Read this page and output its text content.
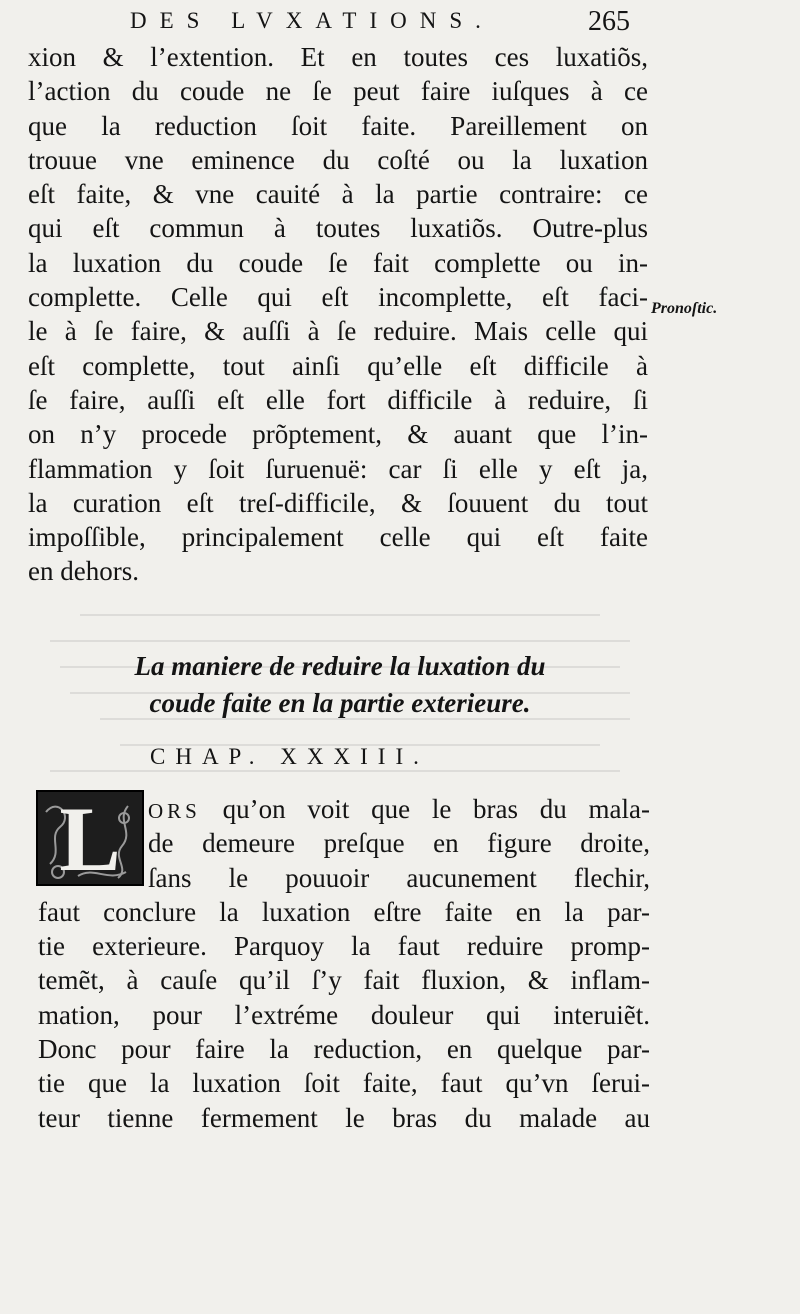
DES LVXATIONS.	265
xion & l’extention. Et en toutes ces luxatiõs,
l’action du coude ne ſe peut faire iuſques à ce
que la reduction ſoit faite. Pareillement on
trouue vne eminence du coſté ou la luxation
eſt faite, & vne cauité à la partie contraire: ce
qui eſt commun à toutes luxatiõs. Outre-plus
la luxation du coude ſe fait complette ou in-
complette. Celle qui eſt incomplette, eſt faci-
le à ſe faire, & auſſi à ſe reduire. Mais celle qui
eſt complette, tout ainſi qu’elle eſt difficile à
ſe faire, auſſi eſt elle fort difficile à reduire, ſi
on n’y procede prõptement, & auant que l’in-
flammation y ſoit ſuruenuë: car ſi elle y eſt ja,
la curation eſt treſ-difficile, & ſouuent du tout
impoſſible, principalement celle qui eſt faite
en dehors.
Pronoſtic.
La maniere de reduire la luxation du
coude faite en la partie exterieure.
CHAP. XXXIII.
L	ORS qu’on voit que le bras du mala-
de demeure preſque en figure droite,
ſans le pouuoir aucunement flechir,
faut conclure la luxation eſtre faite en la par-
tie exterieure. Parquoy la faut reduire promp-
temẽt, à cauſe qu’il ſ’y fait fluxion, & inflam-
mation, pour l’extréme douleur qui interuiẽt.
Donc pour faire la reduction, en quelque par-
tie que la luxation ſoit faite, faut qu’vn ſerui-
teur tienne fermement le bras du malade au
